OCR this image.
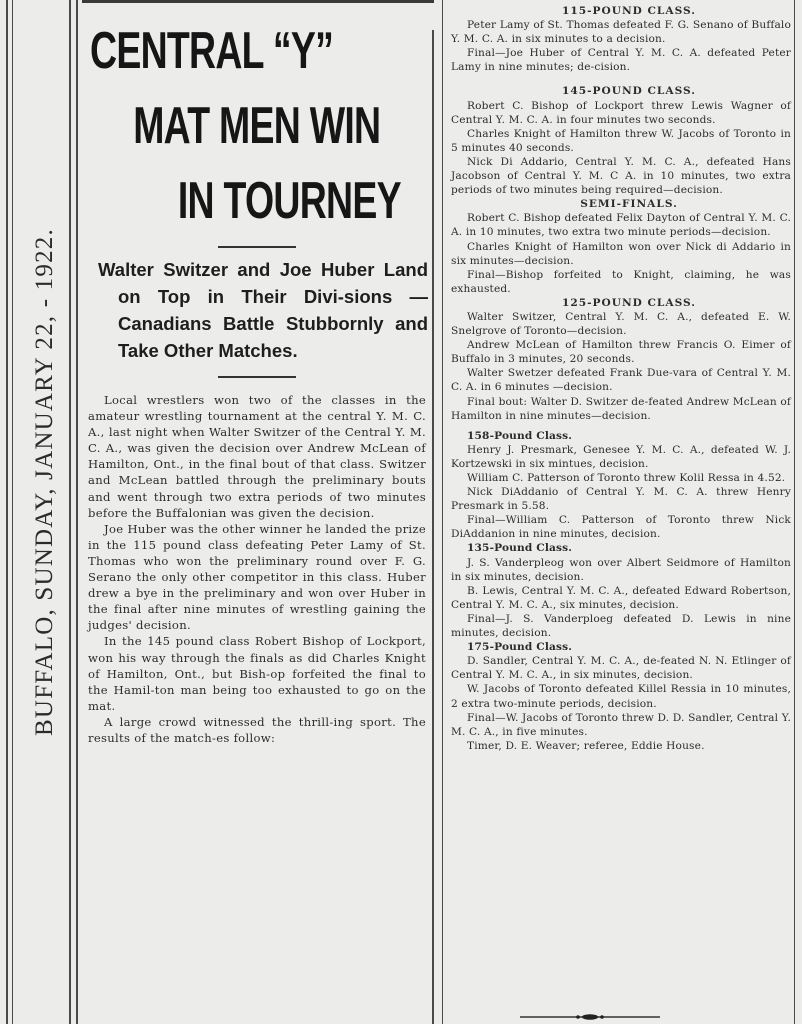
BUFFALO, SUNDAY, JANUARY 22, - 1922.
CENTRAL “Y”
MAT MEN WIN
IN TOURNEY
Walter Switzer and Joe Huber Land on Top in Their Divi-sions — Canadians Battle Stubbornly and Take Other Matches.

Local wrestlers won two of the classes in the amateur wrestling tournament at the central Y. M. C. A., last night when Walter Switzer of the Central Y. M. C. A., was given the decision over Andrew McLean of Hamilton, Ont., in the final bout of that class. Switzer and McLean battled through the preliminary bouts and went through two extra periods of two minutes before the Buffalonian was given the decision.

Joe Huber was the other winner he landed the prize in the 115 pound class defeating Peter Lamy of St. Thomas who won the preliminary round over F. G. Serano the only other competitor in this class. Huber drew a bye in the preliminary and won over Huber in the final after nine minutes of wrestling gaining the judges' decision.

In the 145 pound class Robert Bishop of Lockport, won his way through the finals as did Charles Knight of Hamilton, Ont., but Bish-op forfeited the final to the Hamil-ton man being too exhausted to go on the mat.

A large crowd witnessed the thrill-ing sport. The results of the match-es follow:

115-POUND CLASS.

Peter Lamy of St. Thomas defeated F. G. Senano of Buffalo Y. M. C. A. in six minutes to a decision.

Final—Joe Huber of Central Y. M. C. A. defeated Peter Lamy in nine minutes; de-cision.

145-POUND CLASS.

Robert C. Bishop of Lockport threw Lewis Wagner of Central Y. M. C. A. in four minutes two seconds.

Charles Knight of Hamilton threw W. Jacobs of Toronto in 5 minutes 40 seconds.

Nick Di Addario, Central Y. M. C. A., defeated Hans Jacobson of Central Y. M. C A. in 10 minutes, two extra periods of two minutes being required—decision.

SEMI-FINALS.

Robert C. Bishop defeated Felix Dayton of Central Y. M. C. A. in 10 minutes, two extra two minute periods—decision.

Charles Knight of Hamilton won over Nick di Addario in six minutes—decision.

Final—Bishop forfeited to Knight, claiming, he was exhausted.

125-POUND CLASS.

Walter Switzer, Central Y. M. C. A., defeated E. W. Snelgrove of Toronto—decision.

Andrew McLean of Hamilton threw Francis O. Eimer of Buffalo in 3 minutes, 20 seconds.

Walter Swetzer defeated Frank Due-vara of Central Y. M. C. A. in 6 minutes —decision.

Final bout: Walter D. Switzer de-feated Andrew McLean of Hamilton in nine minutes—decision.

158-Pound Class.

Henry J. Presmark, Genesee Y. M. C. A., defeated W. J. Kortzewski in six mintues, decision.

William C. Patterson of Toronto threw Kolil Ressa in 4.52.

Nick DiAddanio of Central Y. M. C. A. threw Henry Presmark in 5.58.

Final—William C. Patterson of Toronto threw Nick DiAddanion in nine minutes, decision.

135-Pound Class.

J. S. Vanderpleog won over Albert Seidmore of Hamilton in six minutes, decision.

B. Lewis, Central Y. M. C. A., defeated Edward Robertson, Central Y. M. C. A., six minutes, decision.

Final—J. S. Vanderploeg defeated D. Lewis in nine minutes, decision.

175-Pound Class.

D. Sandler, Central Y. M. C. A., de-feated N. N. Etlinger of Central Y. M. C. A., in six minutes, decision.

W. Jacobs of Toronto defeated Killel Ressia in 10 minutes, 2 extra two-minute periods, decision.

Final—W. Jacobs of Toronto threw D. D. Sandler, Central Y. M. C. A., in five minutes.

Timer, D. E. Weaver; referee, Eddie House.
